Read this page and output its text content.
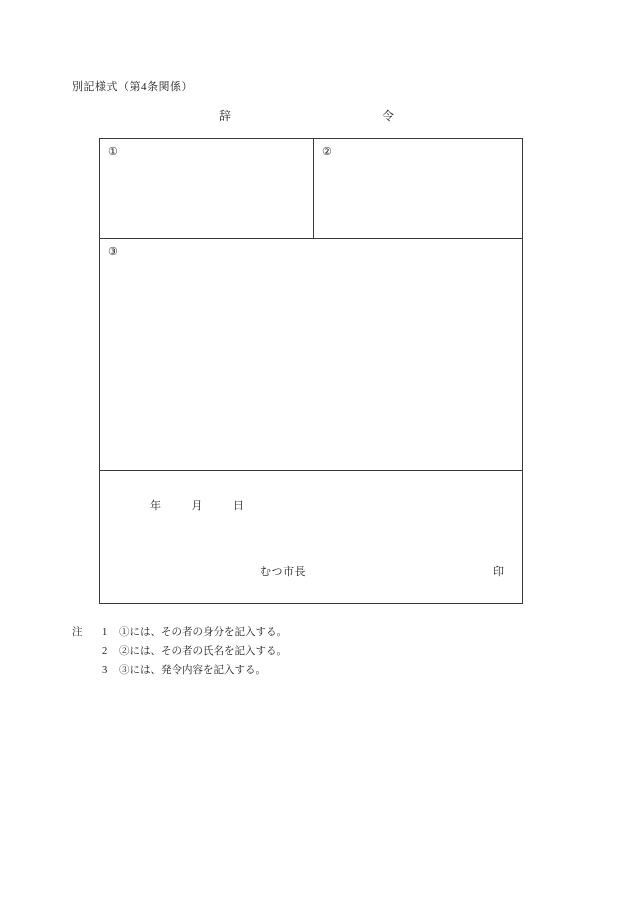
別記様式（第4条関係）
辞	令
①	②
③
年	月	日
むつ市長	印
注 1 ①には、その者の身分を記入する。
2 ②には、その者の氏名を記入する。
3 ③には、発令内容を記入する。
